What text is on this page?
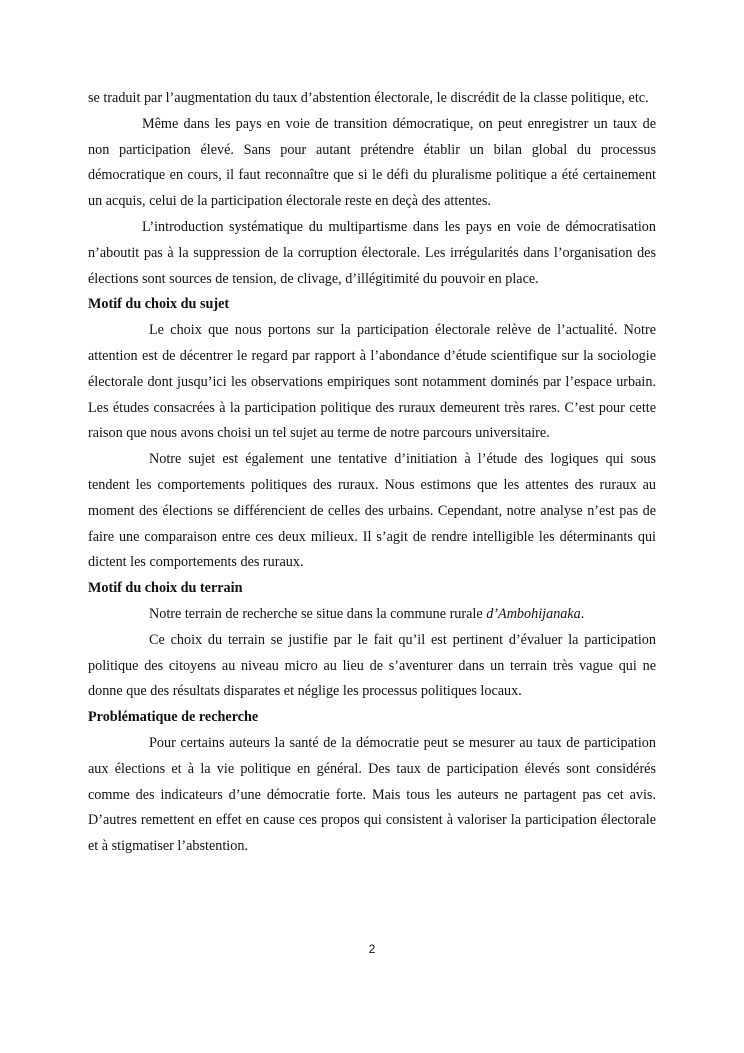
se traduit par l’augmentation du taux d’abstention électorale, le discrédit de la classe politique, etc.

Même dans les pays en voie de transition démocratique, on peut enregistrer un taux de non participation élevé. Sans pour autant prétendre établir un bilan global du processus démocratique en cours, il faut reconnaître que si le défi du pluralisme politique a été certainement un acquis, celui de la participation électorale reste en deçà des attentes.

L’introduction systématique du multipartisme dans les pays en voie de démocratisation n’aboutit pas à la suppression de la corruption électorale. Les irrégularités dans l’organisation des élections sont sources de tension, de clivage, d’illégitimité du pouvoir en place.

Motif du choix du sujet

Le choix que nous portons sur la participation électorale relève de l’actualité. Notre attention est de décentrer le regard par rapport à l’abondance d’étude scientifique sur la sociologie électorale dont jusqu’ici les observations empiriques sont notamment dominés par l’espace urbain. Les études consacrées à la participation politique des ruraux demeurent très rares. C’est pour cette raison que nous avons choisi un tel sujet au terme de notre parcours universitaire.

Notre sujet est également une tentative d’initiation à l’étude des logiques qui sous tendent les comportements politiques des ruraux. Nous estimons que les attentes des ruraux au moment des élections se différencient de celles des urbains. Cependant, notre analyse n’est pas de faire une comparaison entre ces deux milieux. Il s’agit de rendre intelligible les déterminants qui dictent les comportements des ruraux.

Motif du choix du terrain

Notre terrain de recherche se situe dans la commune rurale d’Ambohijanaka.

Ce choix du terrain se justifie par le fait qu’il est pertinent d’évaluer la participation politique des citoyens au niveau micro au lieu de s’aventurer dans un terrain très vague qui ne donne que des résultats disparates et néglige les processus politiques locaux.

Problématique de recherche

Pour certains auteurs la santé de la démocratie peut se mesurer au taux de participation aux élections et à la vie politique en général. Des taux de participation élevés sont considérés comme des indicateurs d’une démocratie forte. Mais tous les auteurs ne partagent pas cet avis. D’autres remettent en effet en cause ces propos qui consistent à valoriser la participation électorale et à stigmatiser l’abstention.

2
